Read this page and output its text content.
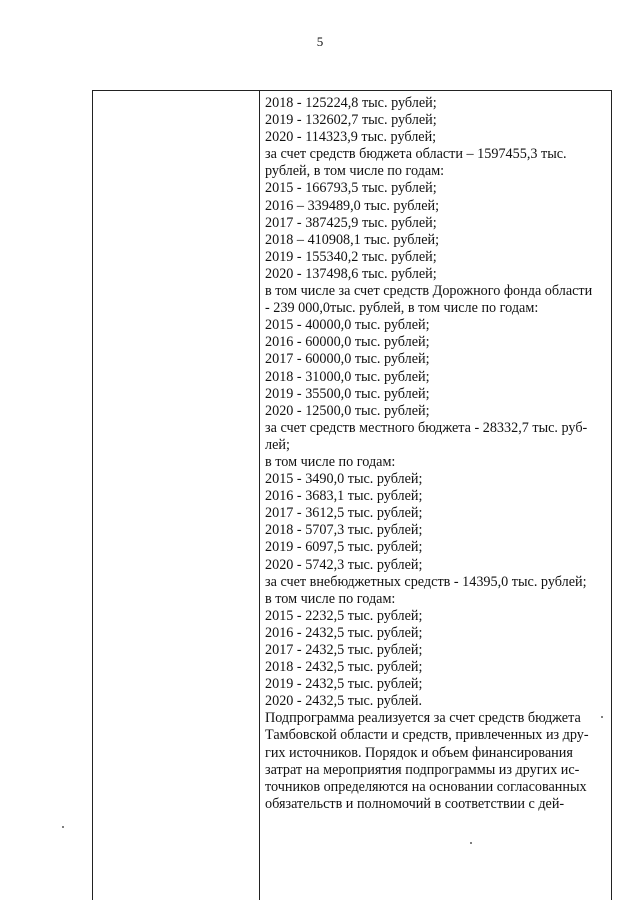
5
2018 - 125224,8 тыс. рублей;
2019 - 132602,7 тыс. рублей;
2020 - 114323,9 тыс. рублей;
за счет средств бюджета области – 1597455,3 тыс.
рублей, в том числе по годам:
2015 - 166793,5 тыс. рублей;
2016 – 339489,0 тыс. рублей;
2017 - 387425,9 тыс. рублей;
2018 – 410908,1 тыс. рублей;
2019 - 155340,2 тыс. рублей;
2020 - 137498,6 тыс. рублей;
в том числе за счет средств Дорожного фонда области
- 239 000,0тыс. рублей, в том числе по годам:
2015 - 40000,0 тыс. рублей;
2016 - 60000,0 тыс. рублей;
2017 - 60000,0 тыс. рублей;
2018 - 31000,0 тыс. рублей;
2019 - 35500,0 тыс. рублей;
2020 - 12500,0 тыс. рублей;
за счет средств местного бюджета - 28332,7 тыс. руб-
лей;
в том числе по годам:
2015 - 3490,0 тыс. рублей;
2016 - 3683,1 тыс. рублей;
2017 - 3612,5 тыс. рублей;
2018 - 5707,3 тыс. рублей;
2019 - 6097,5 тыс. рублей;
2020 - 5742,3 тыс. рублей;
за счет внебюджетных средств - 14395,0 тыс. рублей;
в том числе по годам:
2015 - 2232,5 тыс. рублей;
2016 - 2432,5 тыс. рублей;
2017 - 2432,5 тыс. рублей;
2018 - 2432,5 тыс. рублей;
2019 - 2432,5 тыс. рублей;
2020 - 2432,5 тыс. рублей.
Подпрограмма реализуется за счет средств бюджета
Тамбовской области и средств, привлеченных из дру-
гих источников. Порядок и объем финансирования
затрат на мероприятия подпрограммы из других ис-
точников определяются на основании согласованных
обязательств и полномочий в соответствии с дей-
